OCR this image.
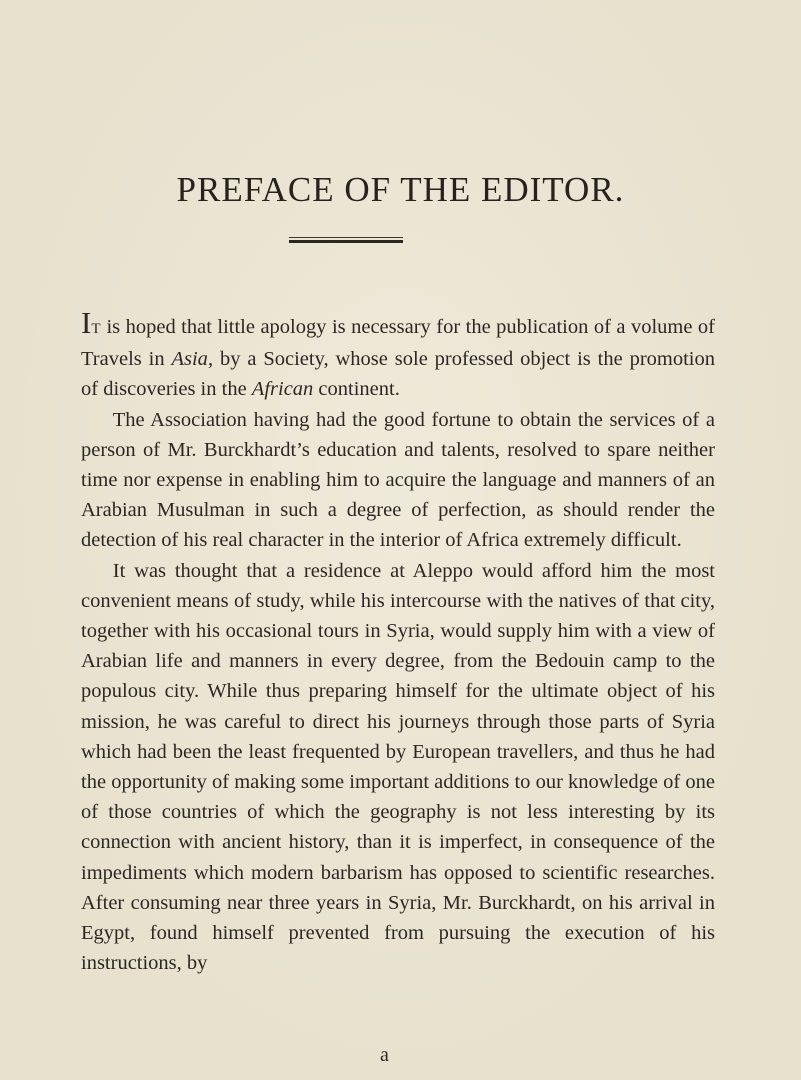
PREFACE OF THE EDITOR.

IT is hoped that little apology is necessary for the publication of a volume of Travels in Asia, by a Society, whose sole professed object is the promotion of discoveries in the African continent.

The Association having had the good fortune to obtain the services of a person of Mr. Burckhardt’s education and talents, resolved to spare neither time nor expense in enabling him to acquire the language and manners of an Arabian Musulman in such a degree of perfection, as should render the detection of his real character in the interior of Africa extremely difficult.

It was thought that a residence at Aleppo would afford him the most convenient means of study, while his intercourse with the natives of that city, together with his occasional tours in Syria, would supply him with a view of Arabian life and manners in every degree, from the Bedouin camp to the populous city. While thus preparing himself for the ultimate object of his mission, he was careful to direct his journeys through those parts of Syria which had been the least frequented by European travellers, and thus he had the opportunity of making some important additions to our knowledge of one of those countries of which the geography is not less interesting by its connection with ancient history, than it is imperfect, in consequence of the impediments which modern barbarism has opposed to scientific researches. After consuming near three years in Syria, Mr. Burckhardt, on his arrival in Egypt, found himself prevented from pursuing the execution of his instructions, by

a
